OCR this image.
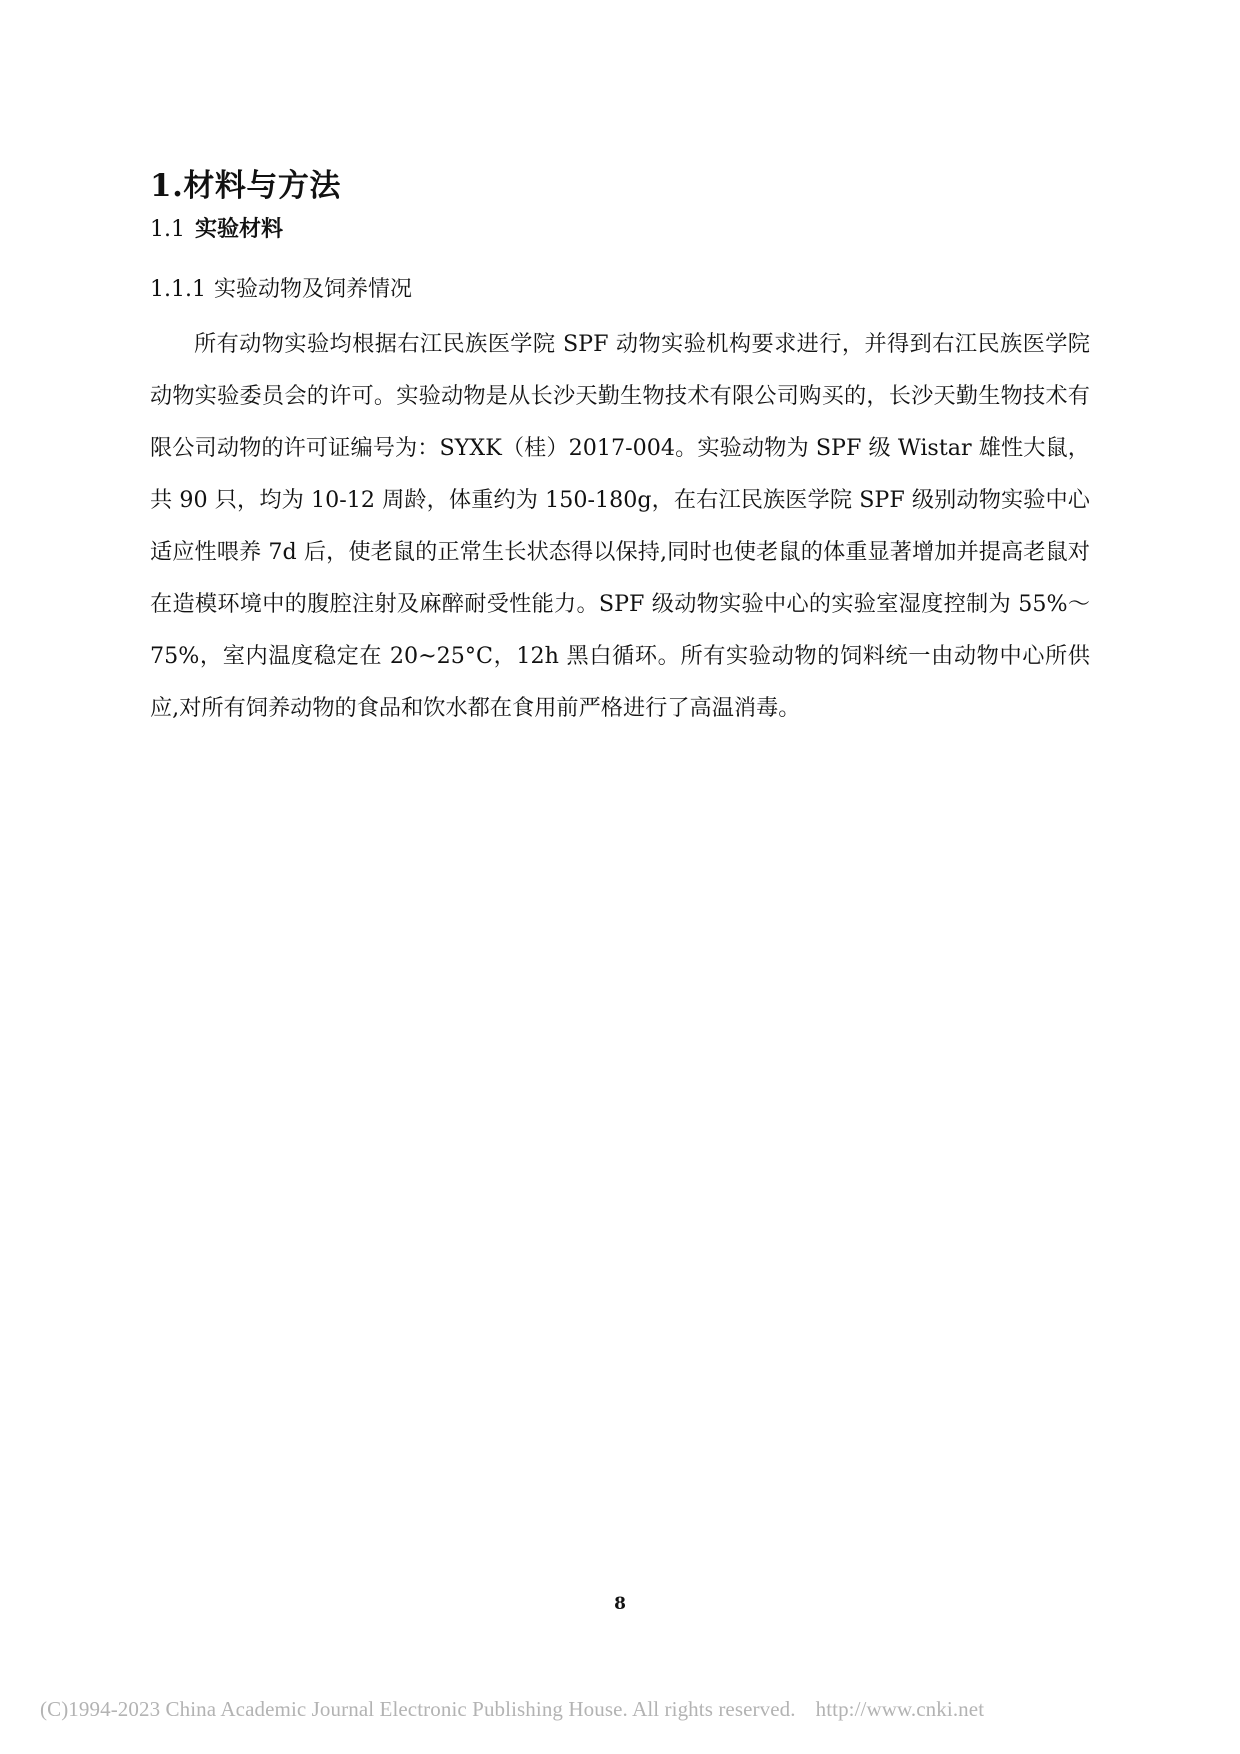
1.材料与方法
1.1 实验材料
1.1.1 实验动物及饲养情况

所有动物实验均根据右江民族医学院 SPF 动物实验机构要求进行，并得到右江民族医学院动物实验委员会的许可。实验动物是从长沙天勤生物技术有限公司购买的，长沙天勤生物技术有限公司动物的许可证编号为：SYXK（桂）2017-004。实验动物为 SPF 级 Wistar 雄性大鼠，共 90 只，均为 10-12 周龄，体重约为 150-180g，在右江民族医学院 SPF 级别动物实验中心适应性喂养 7d 后，使老鼠的正常生长状态得以保持,同时也使老鼠的体重显著增加并提高老鼠对在造模环境中的腹腔注射及麻醉耐受性能力。SPF 级动物实验中心的实验室湿度控制为 55%～75%，室内温度稳定在 20~25°C，12h 黑白循环。所有实验动物的饲料统一由动物中心所供应,对所有饲养动物的食品和饮水都在食用前严格进行了高温消毒。

8
(C)1994-2023 China Academic Journal Electronic Publishing House. All rights reserved. http://www.cnki.net
